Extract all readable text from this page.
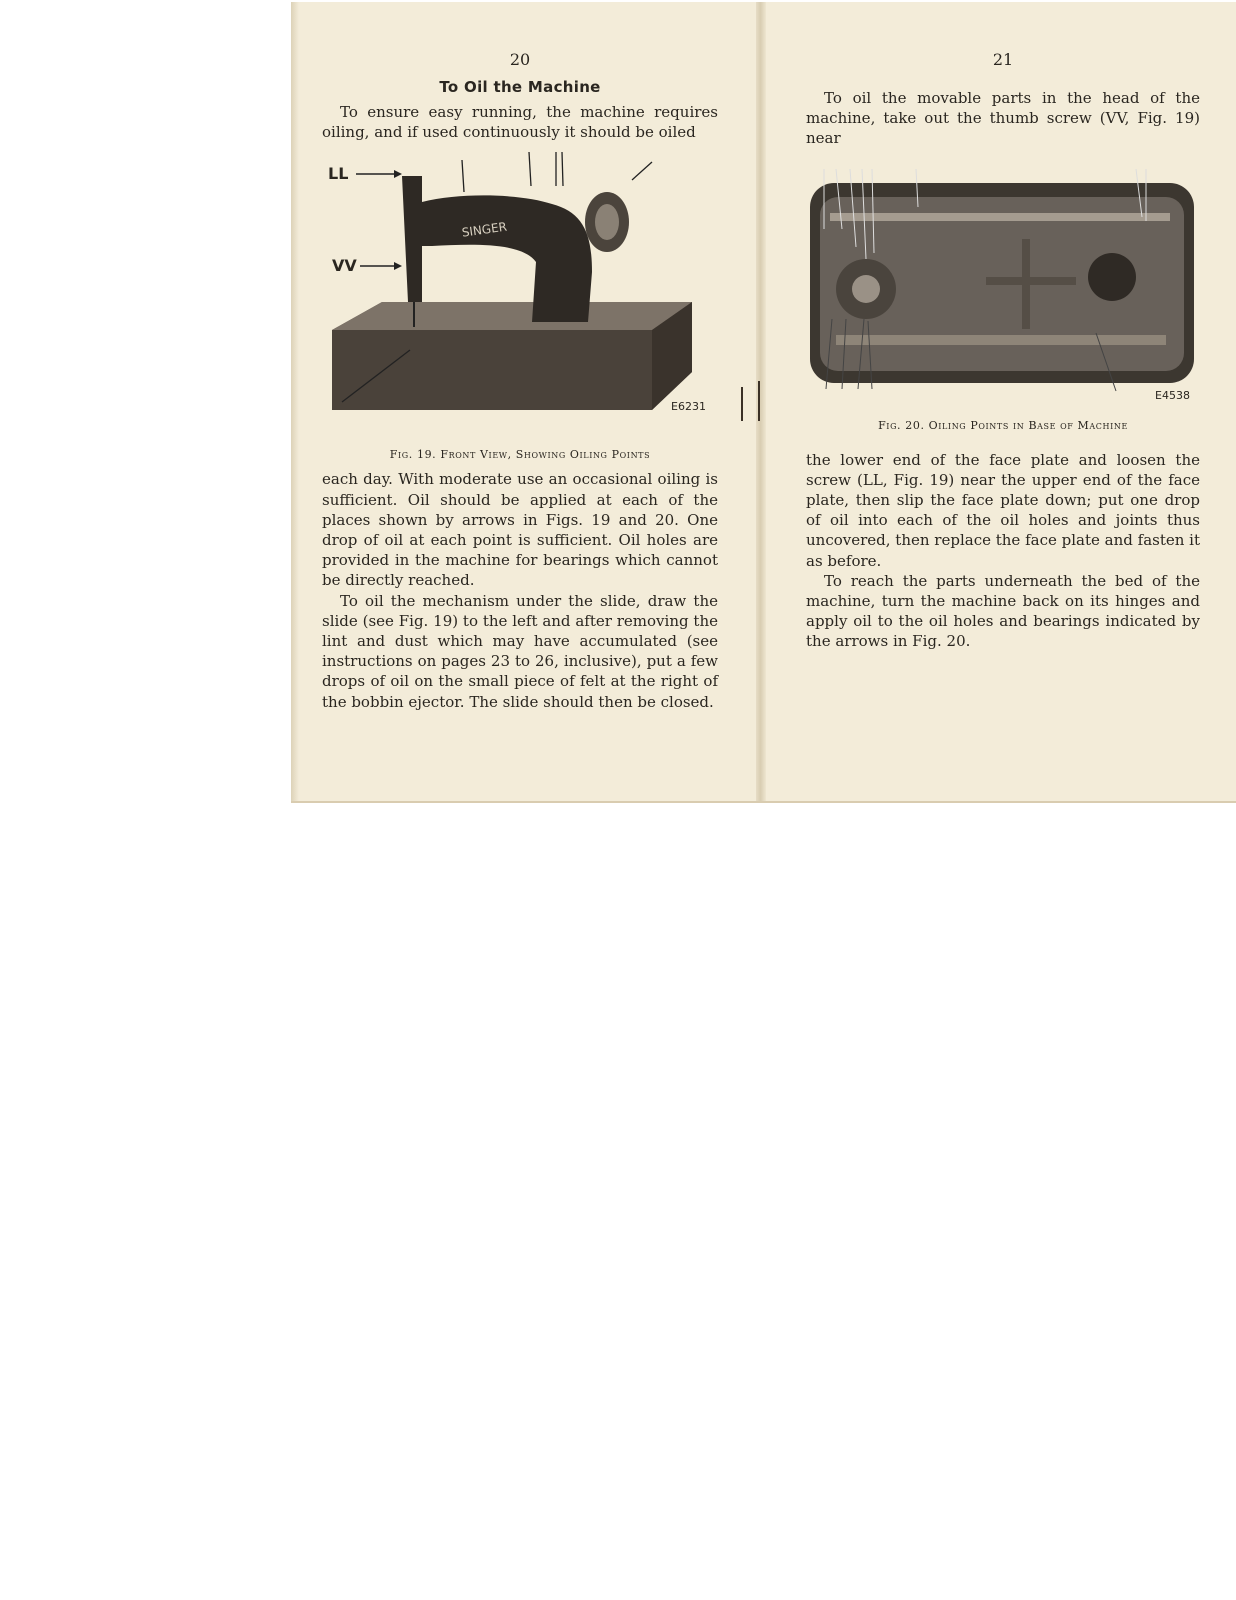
20
To Oil the Machine

To ensure easy running, the machine requires oiling, and if used continuously it should be oiled

LL
VV
SINGER
E6231
Fig. 19. Front View, Showing Oiling Points

each day. With moderate use an occasional oiling is sufficient. Oil should be applied at each of the places shown by arrows in Figs. 19 and 20. One drop of oil at each point is sufficient. Oil holes are provided in the machine for bearings which cannot be directly reached.

To oil the mechanism under the slide, draw the slide (see Fig. 19) to the left and after removing the lint and dust which may have accumulated (see instructions on pages 23 to 26, inclusive), put a few drops of oil on the small piece of felt at the right of the bobbin ejector. The slide should then be closed.

21

To oil the movable parts in the head of the machine, take out the thumb screw (VV, Fig. 19) near

E4538
Fig. 20. Oiling Points in Base of Machine

the lower end of the face plate and loosen the screw (LL, Fig. 19) near the upper end of the face plate, then slip the face plate down; put one drop of oil into each of the oil holes and joints thus uncovered, then replace the face plate and fasten it as before.

To reach the parts underneath the bed of the machine, turn the machine back on its hinges and apply oil to the oil holes and bearings indicated by the arrows in Fig. 20.
